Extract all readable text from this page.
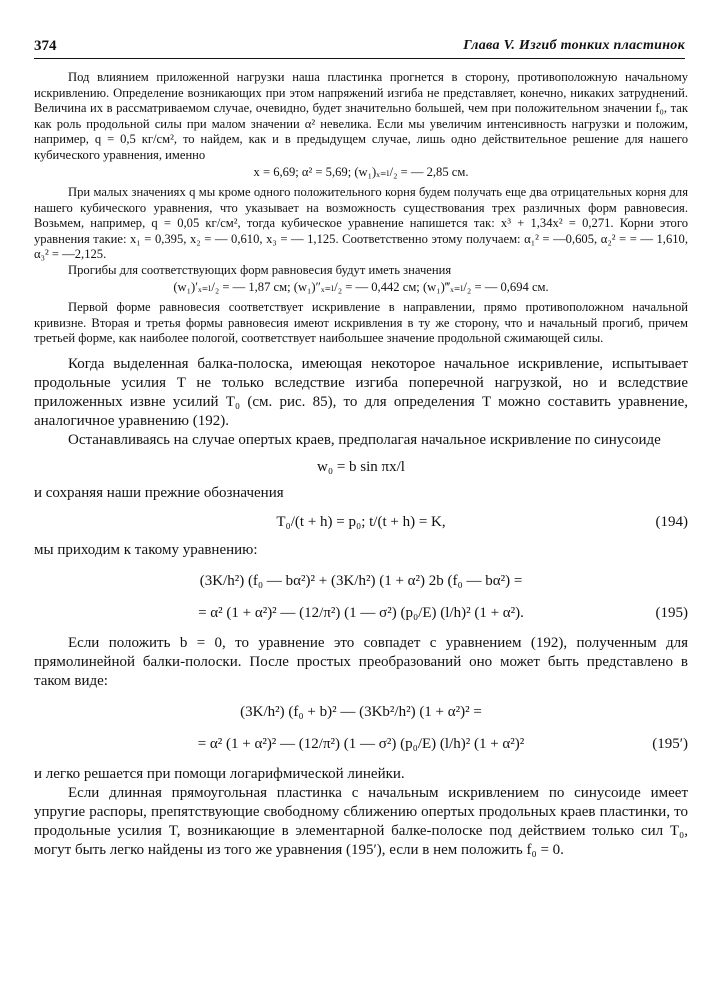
374	Глава V. Изгиб тонких пластинок

Под влиянием приложенной нагрузки наша пластинка прогнется в сторону, противоположную начальному искривлению. Определение возникающих при этом напряжений изгиба не представляет, конечно, никаких затруднений. Величина их в рассматриваемом случае, очевидно, будет значительно большей, чем при положительном значении f₀, так как роль продольной силы при малом значении α² невелика. Если мы увеличим интенсивность нагрузки и положим, например, q = 0,5 кг/см², то найдем, как и в предыдущем случае, лишь одно действительное решение для нашего кубического уравнения, именно

x = 6,69; α² = 5,69; (w₁)ₓ₌ₗ/₂ = — 2,85 см.

При малых значениях q мы кроме одного положительного корня будем получать еще два отрицательных корня для нашего кубического уравнения, что указывает на возможность существования трех различных форм равновесия. Возьмем, например, q = 0,05 кг/см², тогда кубическое уравнение напишется так: x³ + 1,34x² = 0,271. Корни этого уравнения такие: x₁ = 0,395, x₂ = — 0,610, x₃ = — 1,125. Соответственно этому получаем: α₁² = —0,605, α₂² = = — 1,610, α₃² = —2,125.

Прогибы для соответствующих форм равновесия будут иметь значения

(w₁)′ₓ₌ₗ/₂ = — 1,87 см; (w₁)″ₓ₌ₗ/₂ = — 0,442 см; (w₁)‴ₓ₌ₗ/₂ = — 0,694 см.

Первой форме равновесия соответствует искривление в направлении, прямо противоположном начальной кривизне. Вторая и третья формы равновесия имеют искривления в ту же сторону, что и начальный прогиб, причем третьей форме, как наиболее пологой, соответствует наибольшее значение продольной сжимающей силы.

Когда выделенная балка-полоска, имеющая некоторое начальное искривление, испытывает продольные усилия T не только вследствие изгиба поперечной нагрузкой, но и вследствие приложенных извне усилий T₀ (см. рис. 85), то для определения T можно составить уравнение, аналогичное уравнению (192).

Останавливаясь на случае опертых краев, предполагая начальное искривление по синусоиде

w₀ = b sin πx/l

и сохраняя наши прежние обозначения

T₀/(t + h) = p₀; t/(t + h) = K,	(194)

мы приходим к такому уравнению:

(3K/h²) (f₀ — bα²)² + (3K/h²) (1 + α²) 2b (f₀ — bα²) =
= α² (1 + α²)² — (12/π²) (1 — σ²) (p₀/E) (l/h)² (1 + α²).	(195)

Если положить b = 0, то уравнение это совпадет с уравнением (192), полученным для прямолинейной балки-полоски. После простых преобразований оно может быть представлено в таком виде:

(3K/h²) (f₀ + b)² — (3Kb²/h²) (1 + α²)² =
= α² (1 + α²)² — (12/π²) (1 — σ²) (p₀/E) (l/h)² (1 + α²)²	(195′)

и легко решается при помощи логарифмической линейки.

Если длинная прямоугольная пластинка с начальным искривлением по синусоиде имеет упругие распоры, препятствующие свободному сближению опертых продольных краев пластинки, то продольные усилия T, возникающие в элементарной балке-полоске под действием только сил T₀, могут быть легко найдены из того же уравнения (195′), если в нем положить f₀ = 0.
